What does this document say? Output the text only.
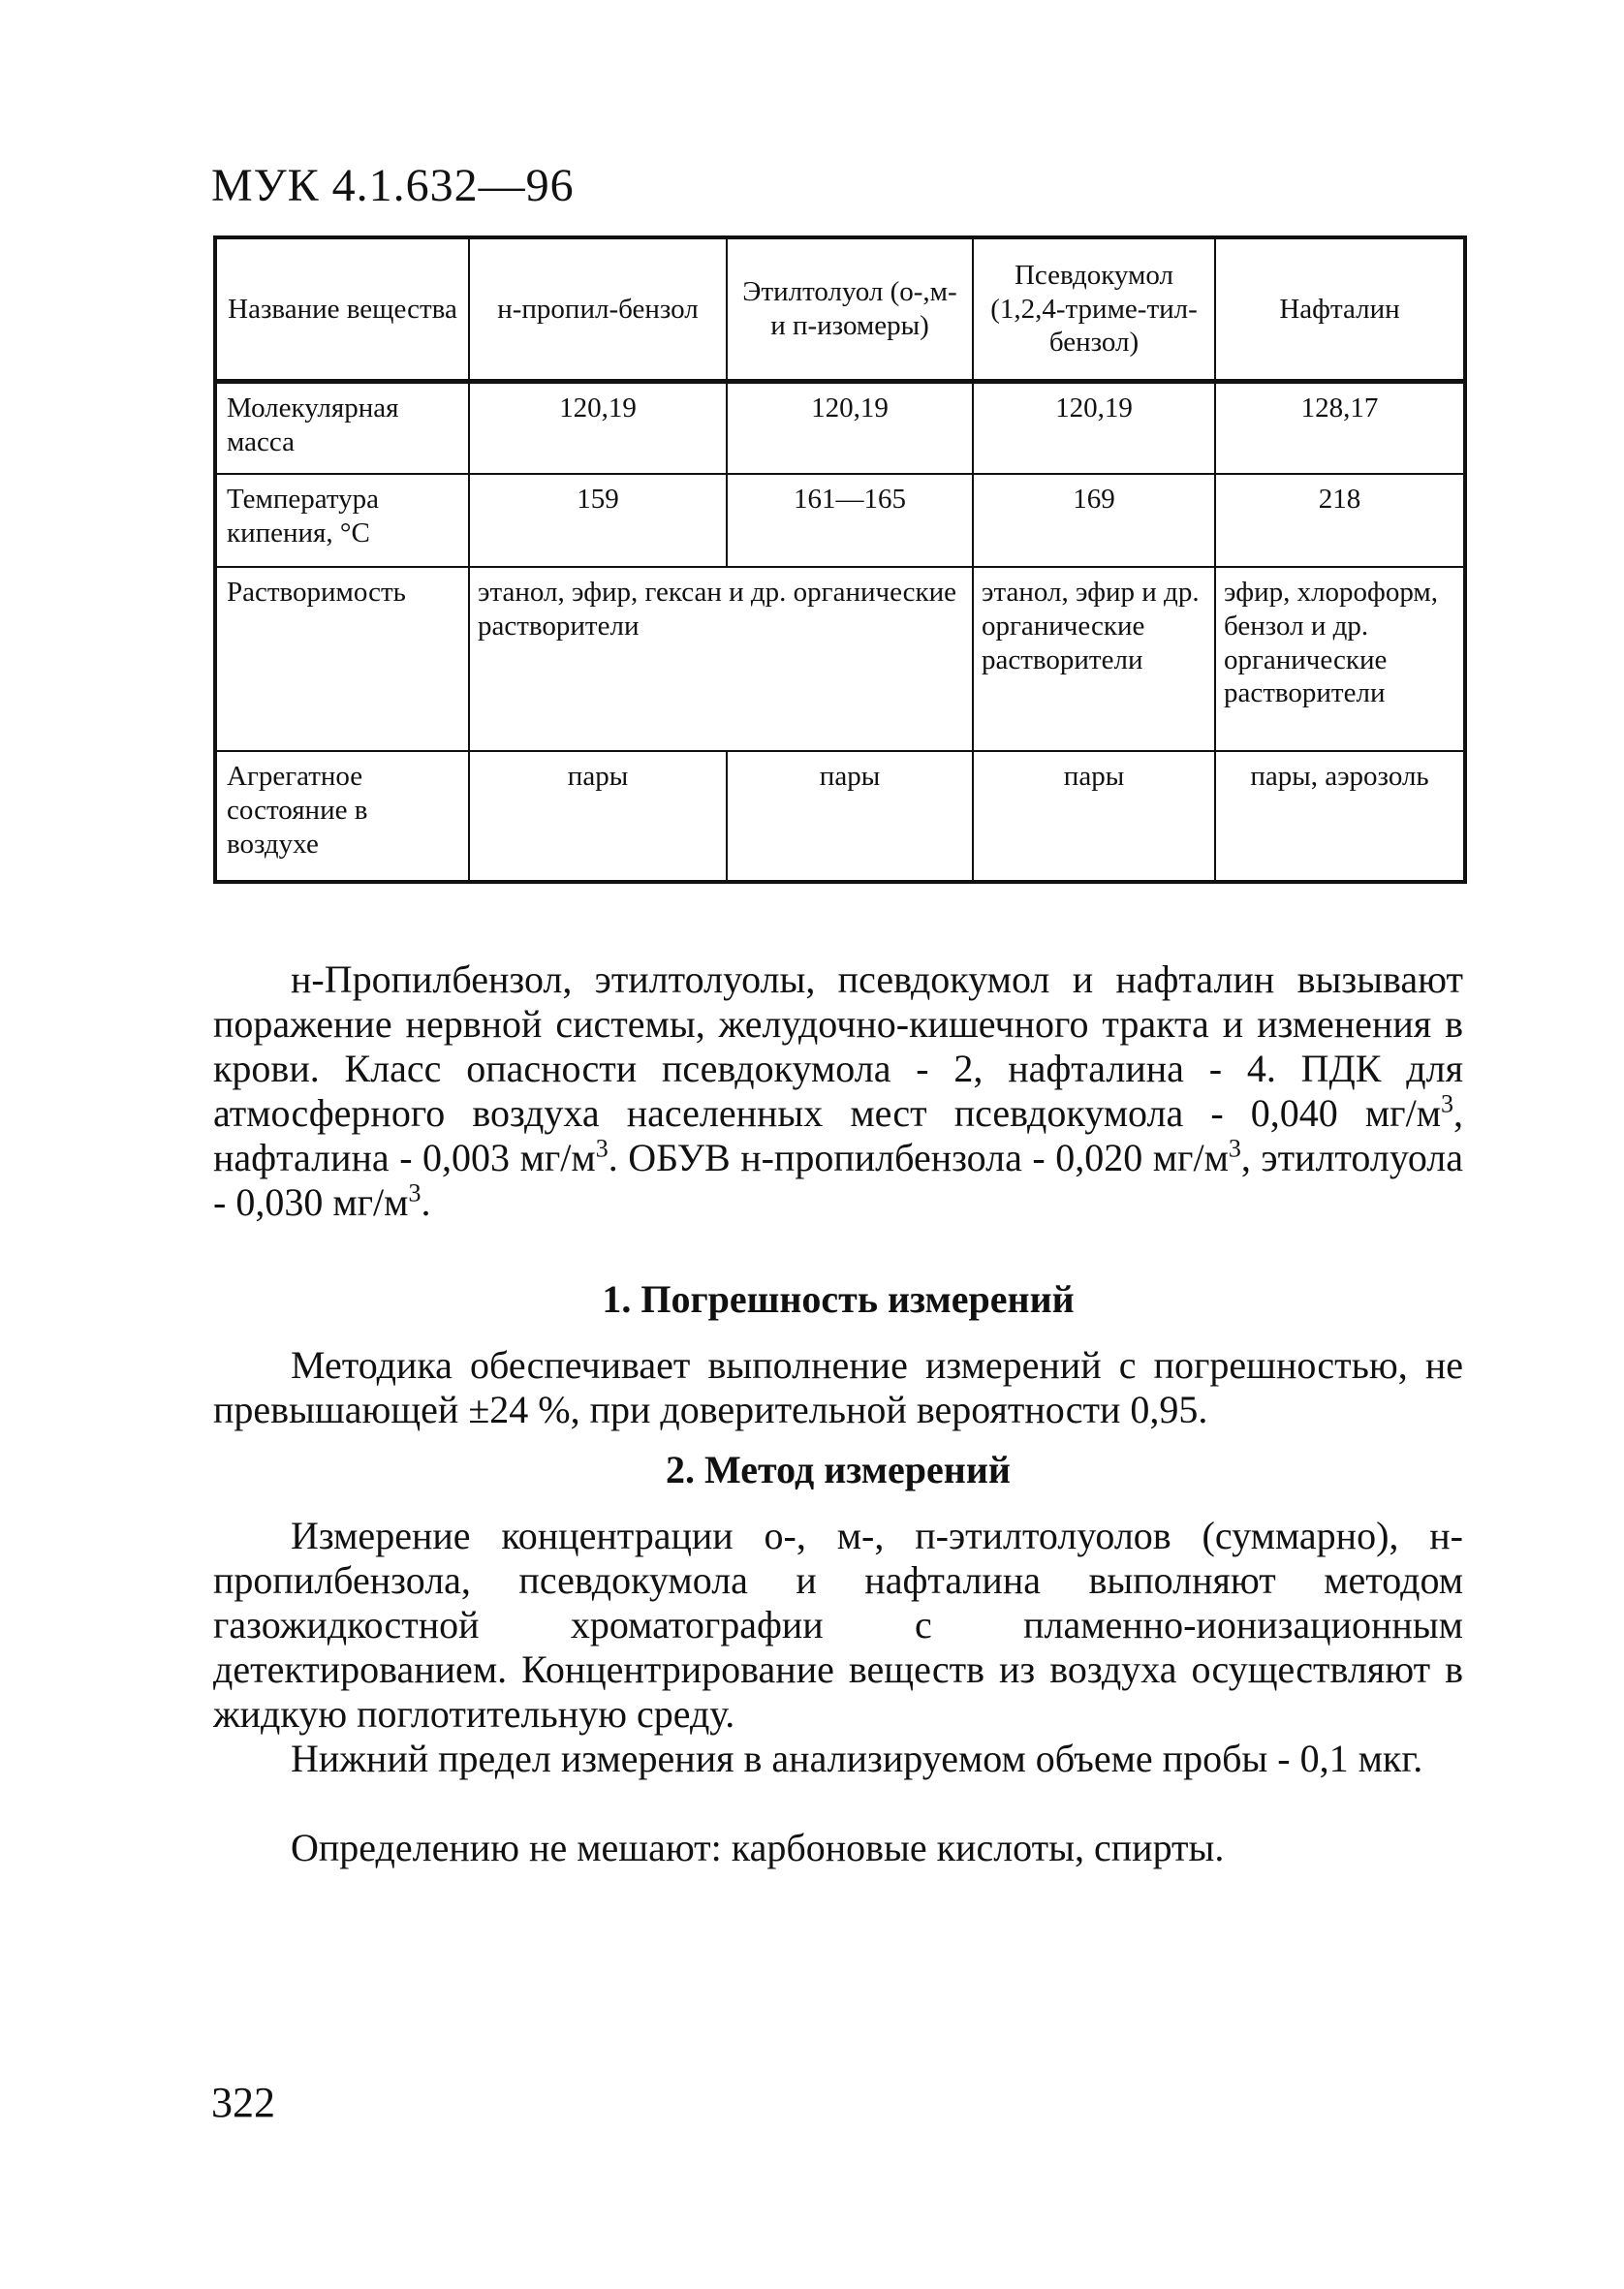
МУК 4.1.632—96
Название вещества	н-пропил-бензол	Этилтолуол (о-,м- и п-изомеры)	Псевдокумол (1,2,4-триме-тил-бензол)	Нафталин
Молекулярная масса	120,19	120,19	120,19	128,17
Температура кипения, °С	159	161—165	169	218
Растворимость	этанол, эфир, гексан и др. органические растворители		этанол, эфир и др. органические растворители	эфир, хлороформ, бензол и др. органические растворители
Агрегатное состояние в воздухе	пары	пары	пары	пары, аэрозоль

н-Пропилбензол, этилтолуолы, псевдокумол и нафталин вызывают поражение нервной системы, желудочно-кишечного тракта и изменения в крови. Класс опасности псевдокумола - 2, нафталина - 4. ПДК для атмосферного воздуха населенных мест псевдокумола - 0,040 $мг/м^3$, нафталина - 0,003 $мг/м^3$. ОБУВ н-пропилбензола - 0,020 $мг/м^3$, этилтолуола - 0,030 $мг/м^3$.

1. Погрешность измерений

Методика обеспечивает выполнение измерений с погрешностью, не превышающей ±24 %, при доверительной вероятности 0,95.

2. Метод измерений

Измерение концентрации о-, м-, п-этилтолуолов (суммарно), н-пропилбензола, псевдокумола и нафталина выполняют методом газожидкостной хроматографии с пламенно-ионизационным детектированием. Концентрирование веществ из воздуха осуществляют в жидкую поглотительную среду.

Нижний предел измерения в анализируемом объеме пробы - 0,1 мкг.

Определению не мешают: карбоновые кислоты, спирты.

322
